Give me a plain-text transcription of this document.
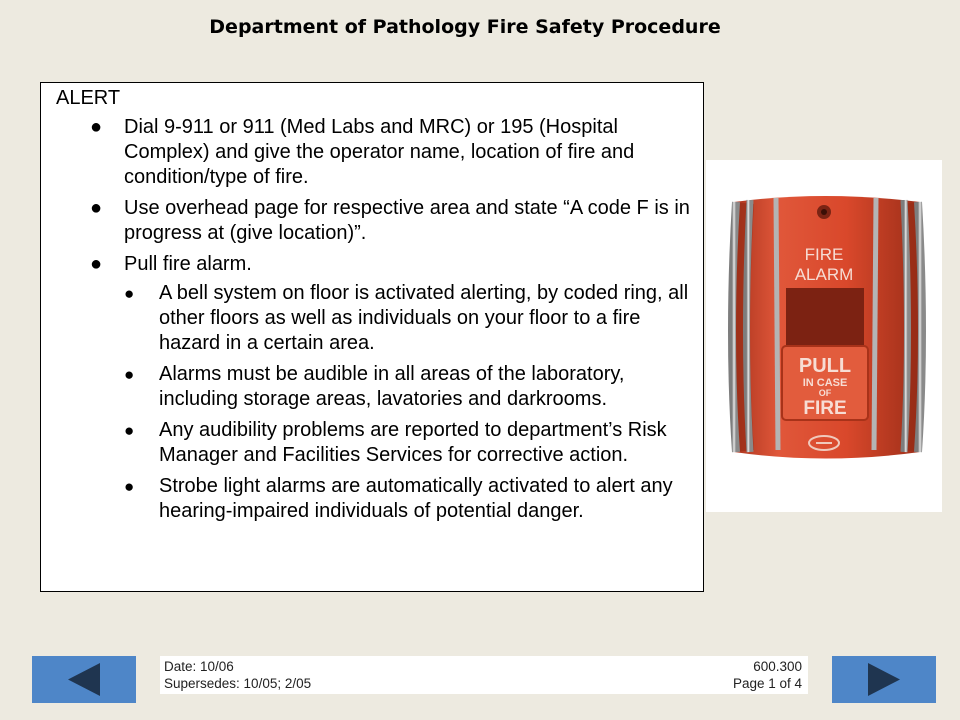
Department of Pathology Fire Safety Procedure
ALERT
● Dial 9-911 or 911 (Med Labs and MRC) or 195 (Hospital Complex) and give the operator name, location of fire and condition/type of fire.
● Use overhead page for respective area and state “A code F is in progress at (give location)”.
● Pull fire alarm.
● A bell system on floor is activated alerting, by coded ring, all other floors as well as individuals on your floor to a fire hazard in a certain area.
● Alarms must be audible in all areas of the laboratory, including storage areas, lavatories and darkrooms.
● Any audibility problems are reported to department’s Risk Manager and Facilities Services for corrective action.
● Strobe light alarms are automatically activated to alert any hearing-impaired individuals of potential danger.
FIRE
ALARM
PULL
IN CASE
OF
FIRE
Date: 10/06
Supersedes: 10/05; 2/05
600.300
Page 1 of 4
